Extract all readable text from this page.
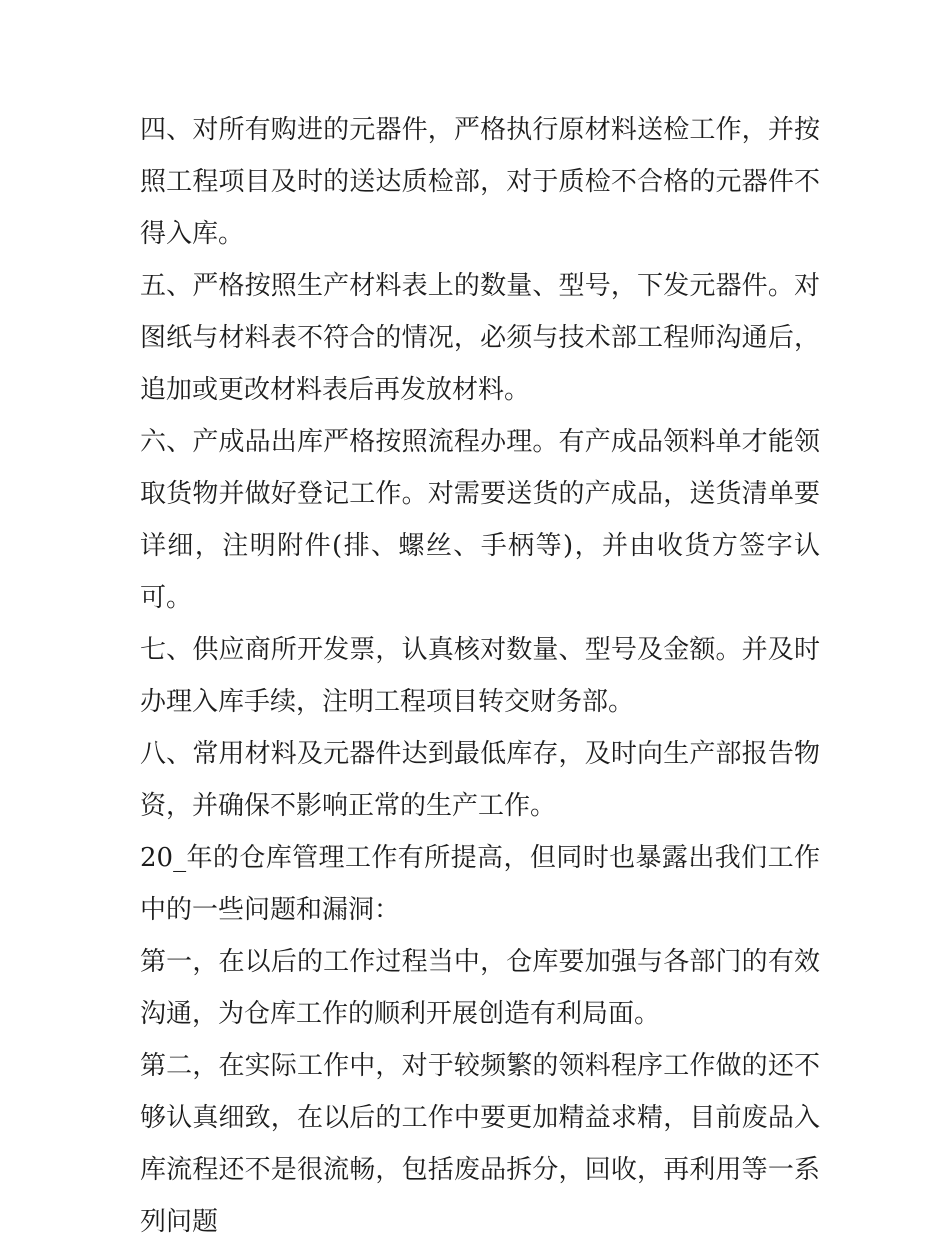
四、对所有购进的元器件，严格执行原材料送检工作，并按照工程项目及时的送达质检部，对于质检不合格的元器件不得入库。

五、严格按照生产材料表上的数量、型号，下发元器件。对图纸与材料表不符合的情况，必须与技术部工程师沟通后，追加或更改材料表后再发放材料。

六、产成品出库严格按照流程办理。有产成品领料单才能领取货物并做好登记工作。对需要送货的产成品，送货清单要详细，注明附件(排、螺丝、手柄等)，并由收货方签字认可。

七、供应商所开发票，认真核对数量、型号及金额。并及时办理入库手续，注明工程项目转交财务部。

八、常用材料及元器件达到最低库存，及时向生产部报告物资，并确保不影响正常的生产工作。

20_年的仓库管理工作有所提高，但同时也暴露出我们工作中的一些问题和漏洞：

第一，在以后的工作过程当中，仓库要加强与各部门的有效沟通，为仓库工作的顺利开展创造有利局面。

第二，在实际工作中，对于较频繁的领料程序工作做的还不够认真细致，在以后的工作中要更加精益求精，目前废品入库流程还不是很流畅，包括废品拆分，回收，再利用等一系列问题
